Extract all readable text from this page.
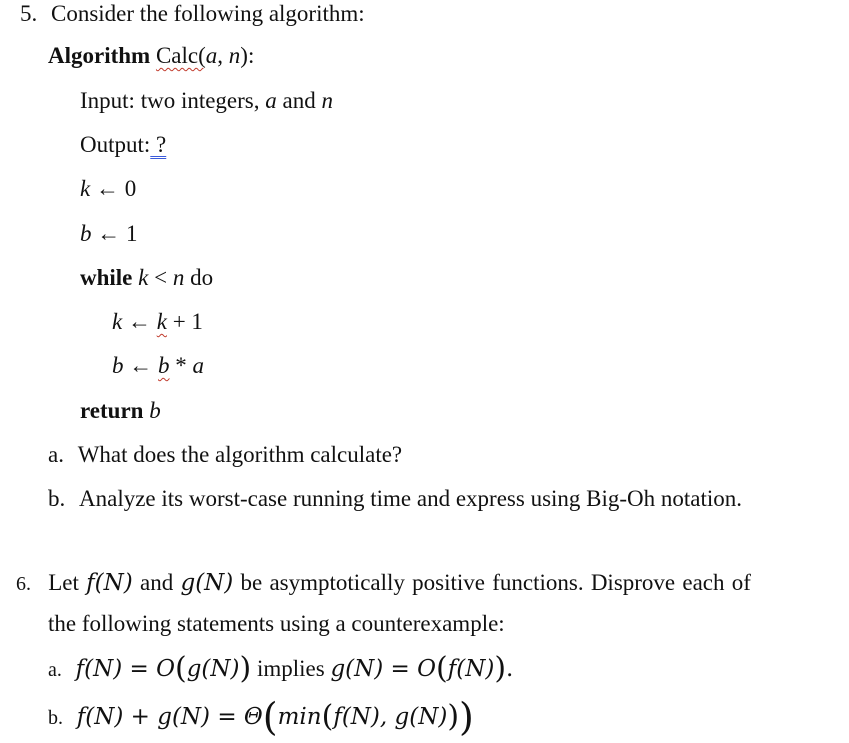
5. Consider the following algorithm:
Algorithm Calc(a, n):
Input: two integers, a and n
Output: ?
k ← 0
b ← 1
while k < n do
k ← k + 1
b ← b * a
return b
a. What does the algorithm calculate?
b. Analyze its worst-case running time and express using Big-Oh notation.
6. Let f(N) and g(N) be asymptotically positive functions. Disprove each of
the following statements using a counterexample:
a. f(N) = O(g(N)) implies g(N) = O(f(N)).
b. f(N) + g(N) = Θ(min(f(N), g(N)))
